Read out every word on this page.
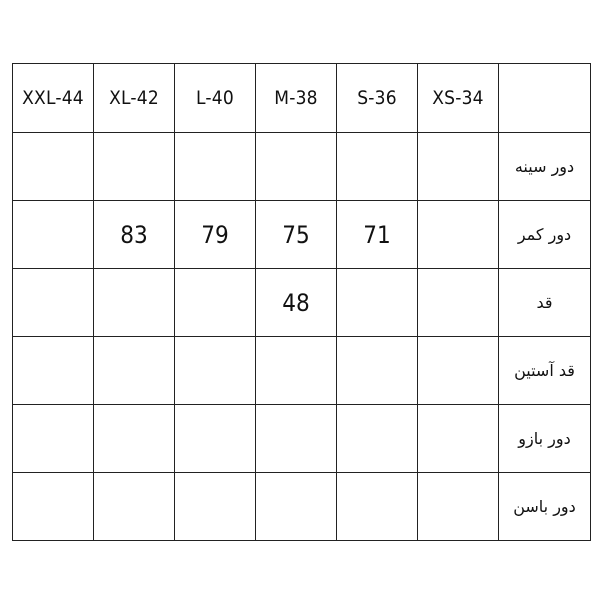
XXL-44	XL-42	L-40	M-38	S-36	XS-34	
						دور سینه
	83	79	75	71		دور کمر
			48			قد
						قد آستین
						دور بازو
						دور باسن
